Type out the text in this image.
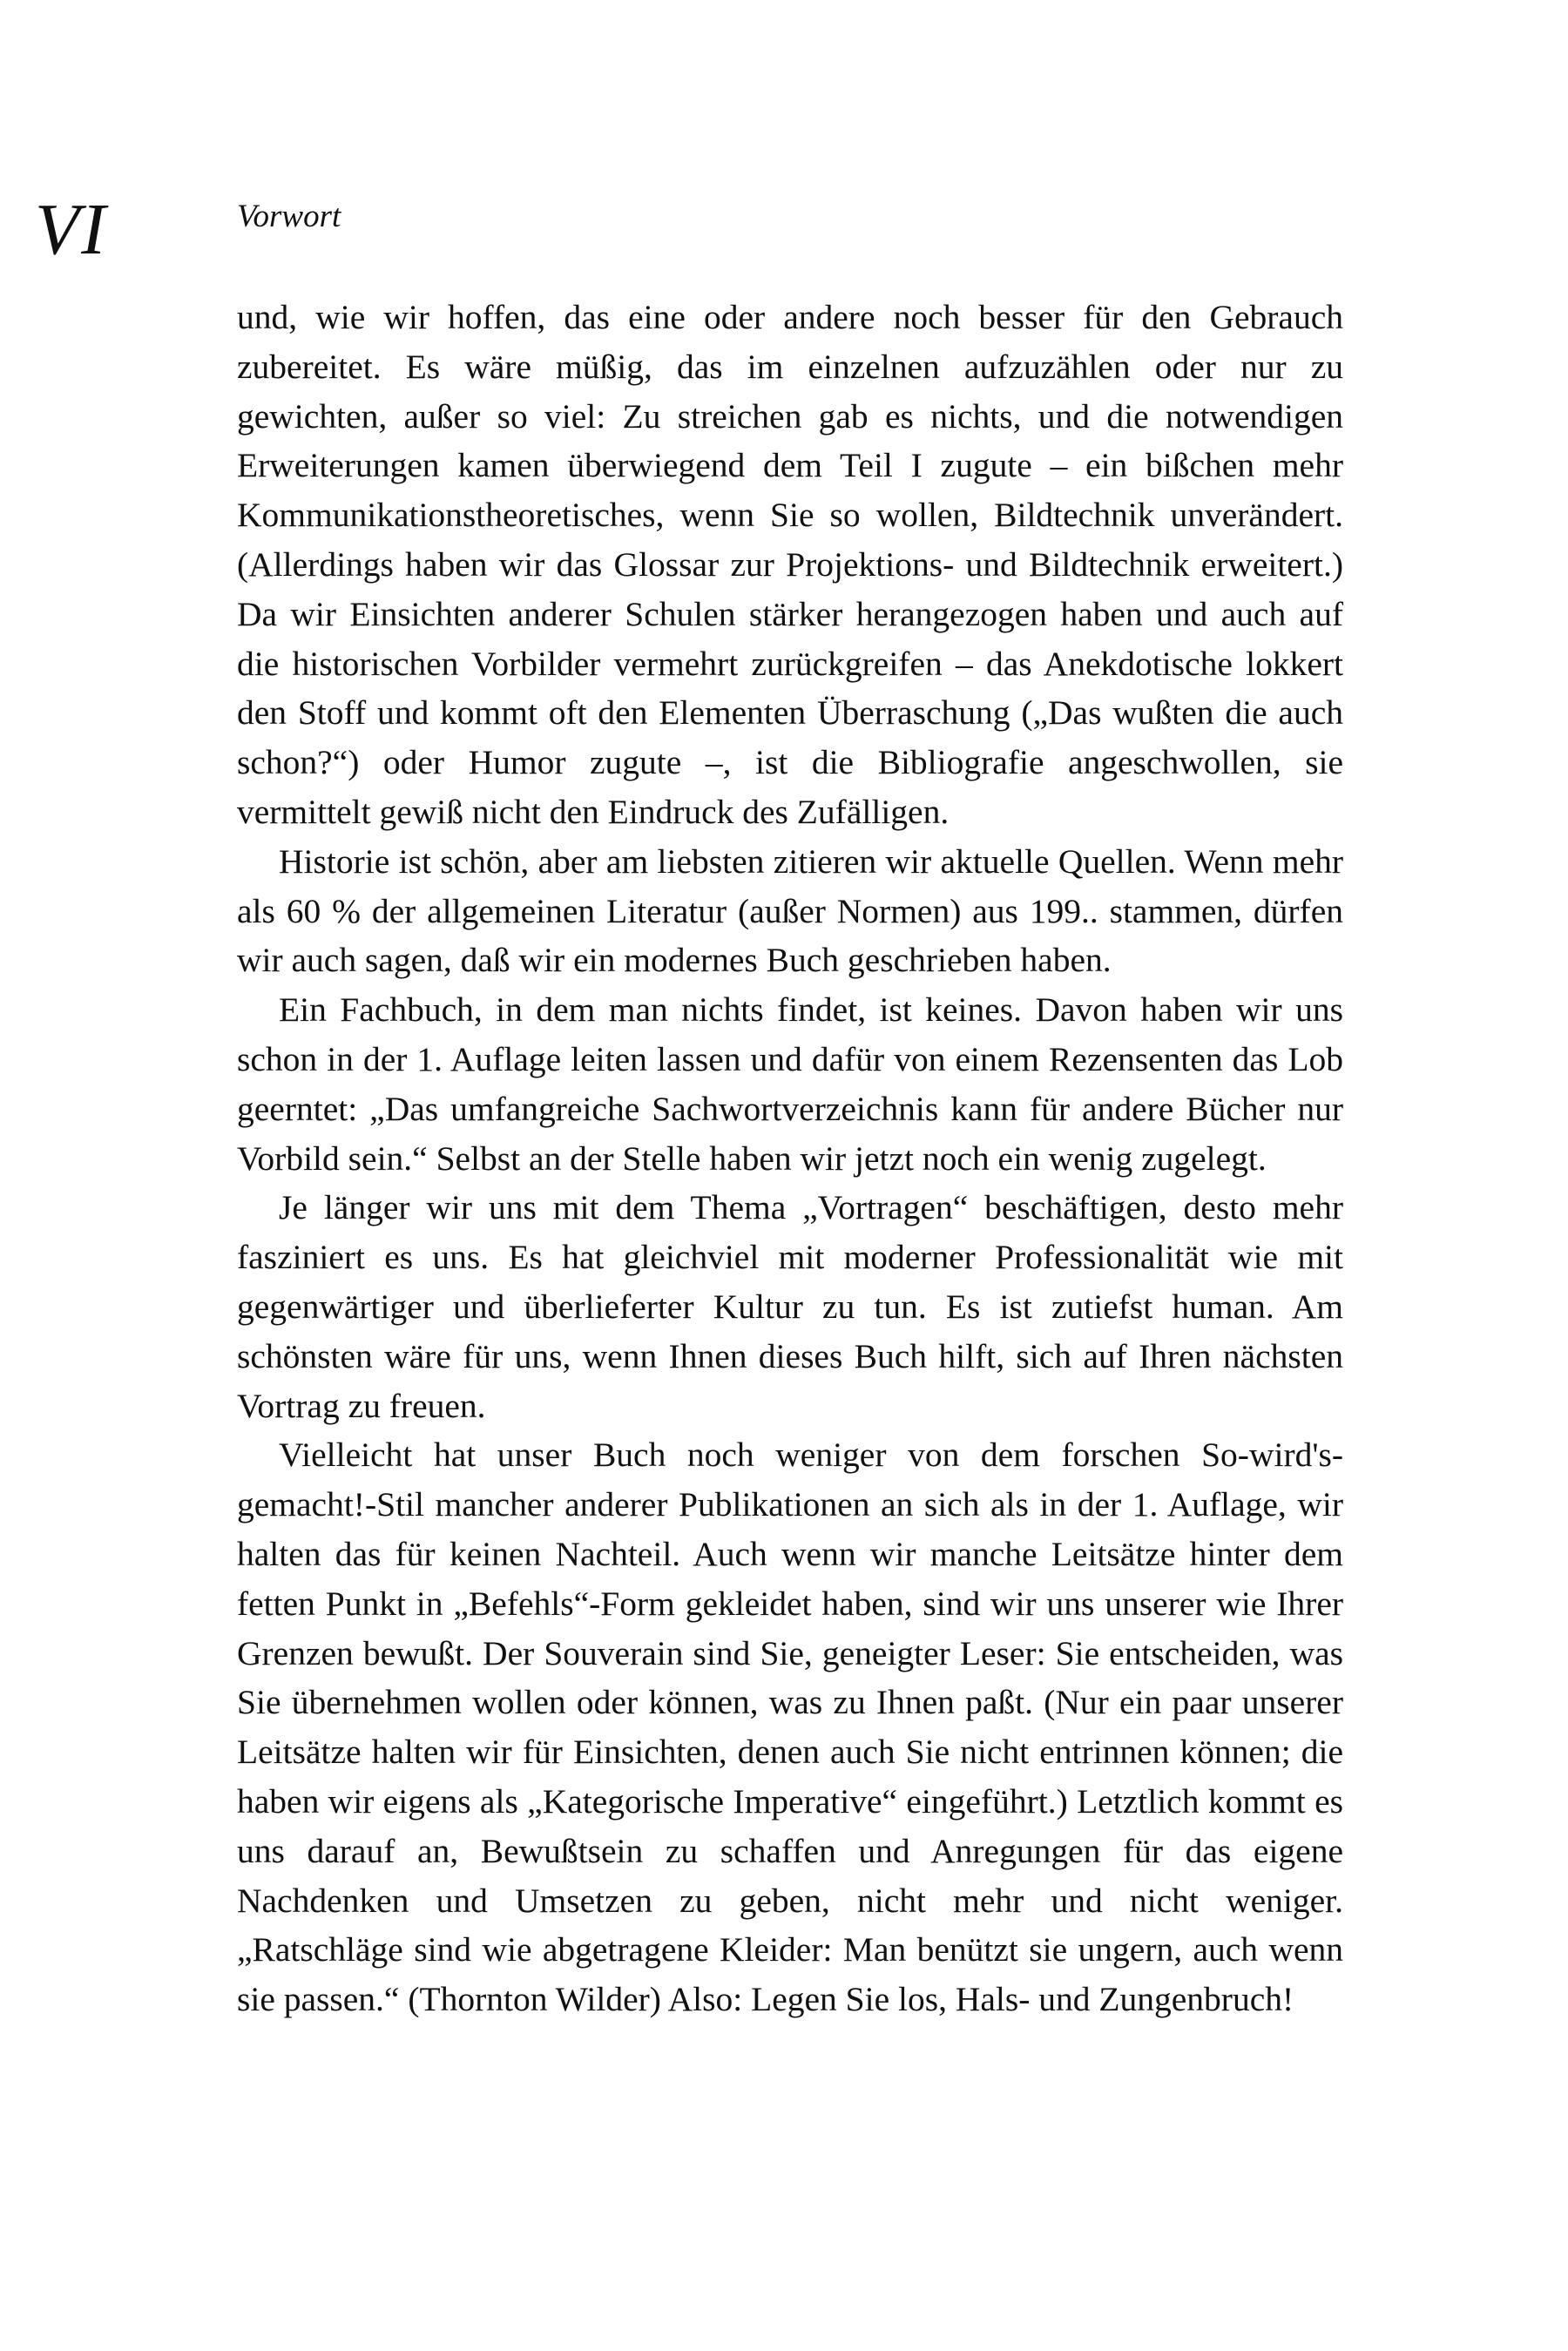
VI	Vorwort

und, wie wir hoffen, das eine oder andere noch besser für den Gebrauch zubereitet. Es wäre müßig, das im einzelnen aufzuzählen oder nur zu gewichten, außer so viel: Zu streichen gab es nichts, und die notwendigen Erweiterungen kamen überwiegend dem Teil I zugute – ein bißchen mehr Kommunikationstheoretisches, wenn Sie so wollen, Bildtechnik unverändert. (Allerdings haben wir das Glossar zur Projektions- und Bildtechnik erweitert.) Da wir Einsichten anderer Schulen stärker herangezogen haben und auch auf die historischen Vorbilder vermehrt zurückgreifen – das Anekdotische lokkert den Stoff und kommt oft den Elementen Überraschung („Das wußten die auch schon?“) oder Humor zugute –, ist die Bibliografie angeschwollen, sie vermittelt gewiß nicht den Eindruck des Zufälligen.

Historie ist schön, aber am liebsten zitieren wir aktuelle Quellen. Wenn mehr als 60 % der allgemeinen Literatur (außer Normen) aus 199.. stammen, dürfen wir auch sagen, daß wir ein modernes Buch geschrieben haben.

Ein Fachbuch, in dem man nichts findet, ist keines. Davon haben wir uns schon in der 1. Auflage leiten lassen und dafür von einem Rezensenten das Lob geerntet: „Das umfangreiche Sachwortverzeichnis kann für andere Bücher nur Vorbild sein.“ Selbst an der Stelle haben wir jetzt noch ein wenig zugelegt.

Je länger wir uns mit dem Thema „Vortragen“ beschäftigen, desto mehr fasziniert es uns. Es hat gleichviel mit moderner Professionalität wie mit gegenwärtiger und überlieferter Kultur zu tun. Es ist zutiefst human. Am schönsten wäre für uns, wenn Ihnen dieses Buch hilft, sich auf Ihren nächsten Vortrag zu freuen.

Vielleicht hat unser Buch noch weniger von dem forschen So-wird's-gemacht!-Stil mancher anderer Publikationen an sich als in der 1. Auflage, wir halten das für keinen Nachteil. Auch wenn wir manche Leitsätze hinter dem fetten Punkt in „Befehls“-Form gekleidet haben, sind wir uns unserer wie Ihrer Grenzen bewußt. Der Souverain sind Sie, geneigter Leser: Sie entscheiden, was Sie übernehmen wollen oder können, was zu Ihnen paßt. (Nur ein paar unserer Leitsätze halten wir für Einsichten, denen auch Sie nicht entrinnen können; die haben wir eigens als „Kategorische Imperative“ eingeführt.) Letztlich kommt es uns darauf an, Bewußtsein zu schaffen und Anregungen für das eigene Nachdenken und Umsetzen zu geben, nicht mehr und nicht weniger. „Ratschläge sind wie abgetragene Kleider: Man benützt sie ungern, auch wenn sie passen.“ (Thornton Wilder) Also: Legen Sie los, Hals- und Zungenbruch!
